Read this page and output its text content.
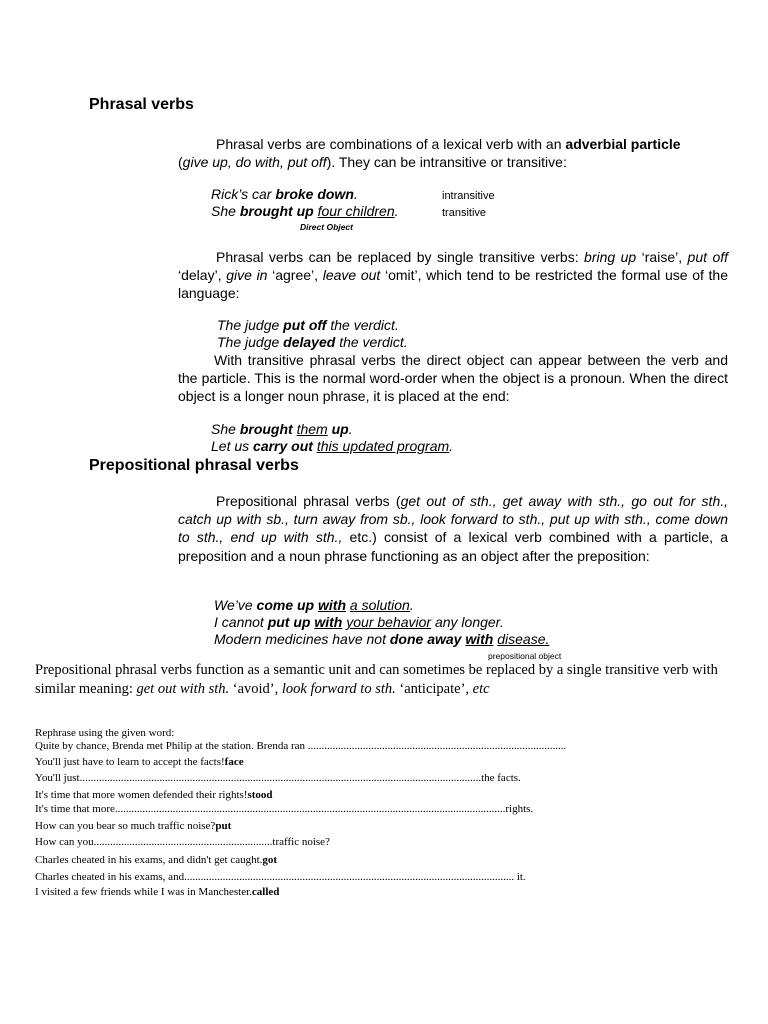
Phrasal verbs
Phrasal verbs are combinations of a lexical verb with an adverbial particle
(give up, do with, put off). They can be intransitive or transitive:
Rick’s car broke down.	intransitive
She brought up four children.	transitive
Direct Object
Phrasal verbs can be replaced by single transitive verbs: bring up ‘raise’, put off ‘delay’, give in ‘agree’, leave out ‘omit’, which tend to be restricted the formal use of the language:
The judge put off the verdict.
The judge delayed the verdict.
With transitive phrasal verbs the direct object can appear between the verb and the particle. This is the normal word-order when the object is a pronoun. When the direct object is a longer noun phrase, it is placed at the end:
She brought them up.
Let us carry out this updated program.
Prepositional phrasal verbs
Prepositional phrasal verbs (get out of sth., get away with sth., go out for sth., catch up with sb., turn away from sb., look forward to sth., put up with sth., come down to sth., end up with sth., etc.) consist of a lexical verb combined with a particle, a preposition and a noun phrase functioning as an object after the preposition:
We’ve come up with a solution.
I cannot put up with your behavior any longer.
Modern medicines have not done away with disease.
prepositional object
Prepositional phrasal verbs function as a semantic unit and can sometimes be replaced by a single transitive verb with similar meaning: get out with sth. ‘avoid’, look forward to sth. ‘anticipate’, etc
Rephrase using the given word:
Quite by chance, Brenda met Philip at the station. Brenda ran ..............................................................................................
You'll just have to learn to accept the facts!face
You'll just..................................................................................................................................................the facts.
It's time that more women defended their rights!stood
It's time that more..............................................................................................................................................rights.
How can you bear so much traffic noise?put
How can you.................................................................traffic noise?
Charles cheated in his exams, and didn't get caught.got
Charles cheated in his exams, and........................................................................................................................ it.
I visited a few friends while I was in Manchester.called
